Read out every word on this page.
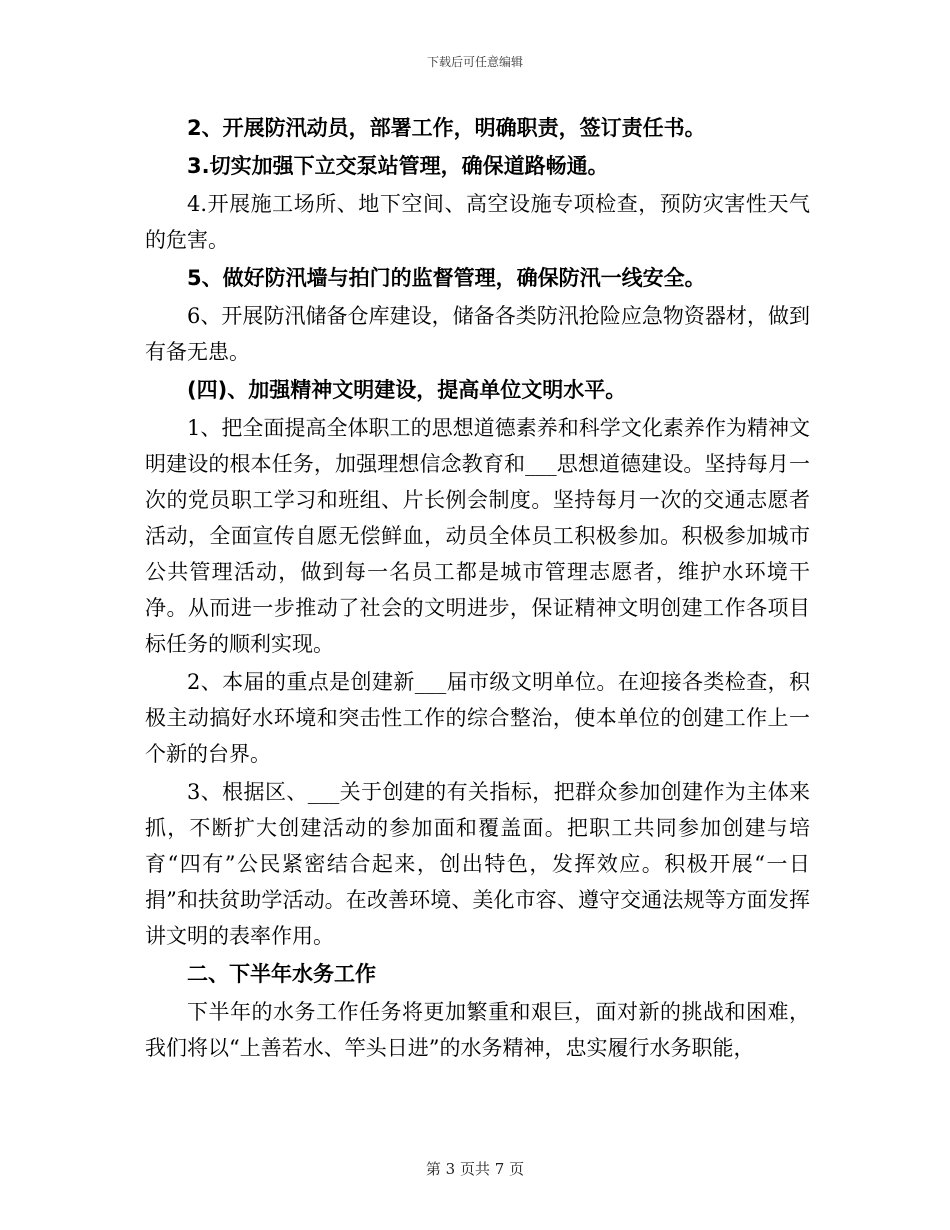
下载后可任意编辑

2、开展防汛动员，部署工作，明确职责，签订责任书。

3.切实加强下立交泵站管理，确保道路畅通。

4.开展施工场所、地下空间、高空设施专项检查，预防灾害性天气的危害。

5、做好防汛墙与拍门的监督管理，确保防汛一线安全。

6、开展防汛储备仓库建设，储备各类防汛抢险应急物资器材，做到有备无患。

(四)、加强精神文明建设，提高单位文明水平。

1、把全面提高全体职工的思想道德素养和科学文化素养作为精神文明建设的根本任务，加强理想信念教育和___思想道德建设。坚持每月一次的党员职工学习和班组、片长例会制度。坚持每月一次的交通志愿者活动，全面宣传自愿无偿鲜血，动员全体员工积极参加。积极参加城市公共管理活动，做到每一名员工都是城市管理志愿者，维护水环境干净。从而进一步推动了社会的文明进步，保证精神文明创建工作各项目标任务的顺利实现。

2、本届的重点是创建新___届市级文明单位。在迎接各类检查，积极主动搞好水环境和突击性工作的综合整治，使本单位的创建工作上一个新的台界。

3、根据区、___关于创建的有关指标，把群众参加创建作为主体来抓，不断扩大创建活动的参加面和覆盖面。把职工共同参加创建与培育“四有”公民紧密结合起来，创出特色，发挥效应。积极开展“一日捐”和扶贫助学活动。在改善环境、美化市容、遵守交通法规等方面发挥讲文明的表率作用。

二、下半年水务工作

下半年的水务工作任务将更加繁重和艰巨，面对新的挑战和困难，我们将以“上善若水、竿头日进”的水务精神，忠实履行水务职能，

第 3 页共 7 页
